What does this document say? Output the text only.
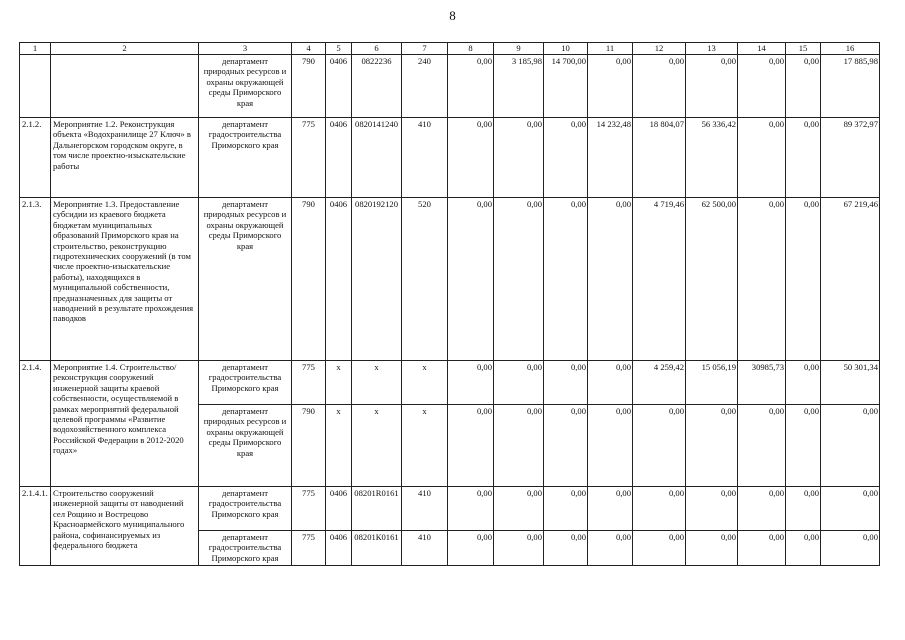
8
1	2	3	4	5	6	7	8	9	10	11	12	13	14	15	16
		департамент природных ресурсов и охраны окружающей среды Приморского края	790	0406	0822236	240	0,00	3 185,98	14 700,00	0,00	0,00	0,00	0,00	0,00	17 885,98
2.1.2.	Мероприятие 1.2. Реконструкция объекта «Водохранилище 27 Ключ» в Дальнегорском городском округе, в том числе проектно-изыскательские работы	департамент градостроительства Приморского края	775	0406	0820141240	410	0,00	0,00	0,00	14 232,48	18 804,07	56 336,42	0,00	0,00	89 372,97
2.1.3.	Мероприятие 1.3. Предоставление субсидии из краевого бюджета бюджетам муниципальных образований Приморского края на строительство, реконструкцию гидротехнических сооружений (в том числе проектно-изыскательские работы), находящихся в муниципальной собственности, предназначенных для защиты от наводнений в результате прохождения паводков	департамент природных ресурсов и охраны окружающей среды Приморского края	790	0406	0820192120	520	0,00	0,00	0,00	0,00	4 719,46	62 500,00	0,00	0,00	67 219,46
2.1.4.	Мероприятие 1.4. Строительство/реконструкция сооружений инженерной защиты краевой собственности, осуществляемой в рамках мероприятий федеральной целевой программы «Развитие водохозяйственного комплекса Российской Федерации в 2012-2020 годах»	департамент градостроительства Приморского края	775	x	x	x	0,00	0,00	0,00	0,00	4 259,42	15 056,19	30985,73	0,00	50 301,34
		департамент природных ресурсов и охраны окружающей среды Приморского края	790	x	x	x	0,00	0,00	0,00	0,00	0,00	0,00	0,00	0,00	0,00
2.1.4.1.	Строительство сооружений инженерной защиты от наводнений сел Рощино и Вострецово Красноармейского муниципального района, софинансируемых из федерального бюджета	департамент градостроительства Приморского края	775	0406	08201R0161	410	0,00	0,00	0,00	0,00	0,00	0,00	0,00	0,00	0,00
		департамент градостроительства Приморского края	775	0406	08201К0161	410	0,00	0,00	0,00	0,00	0,00	0,00	0,00	0,00	0,00
